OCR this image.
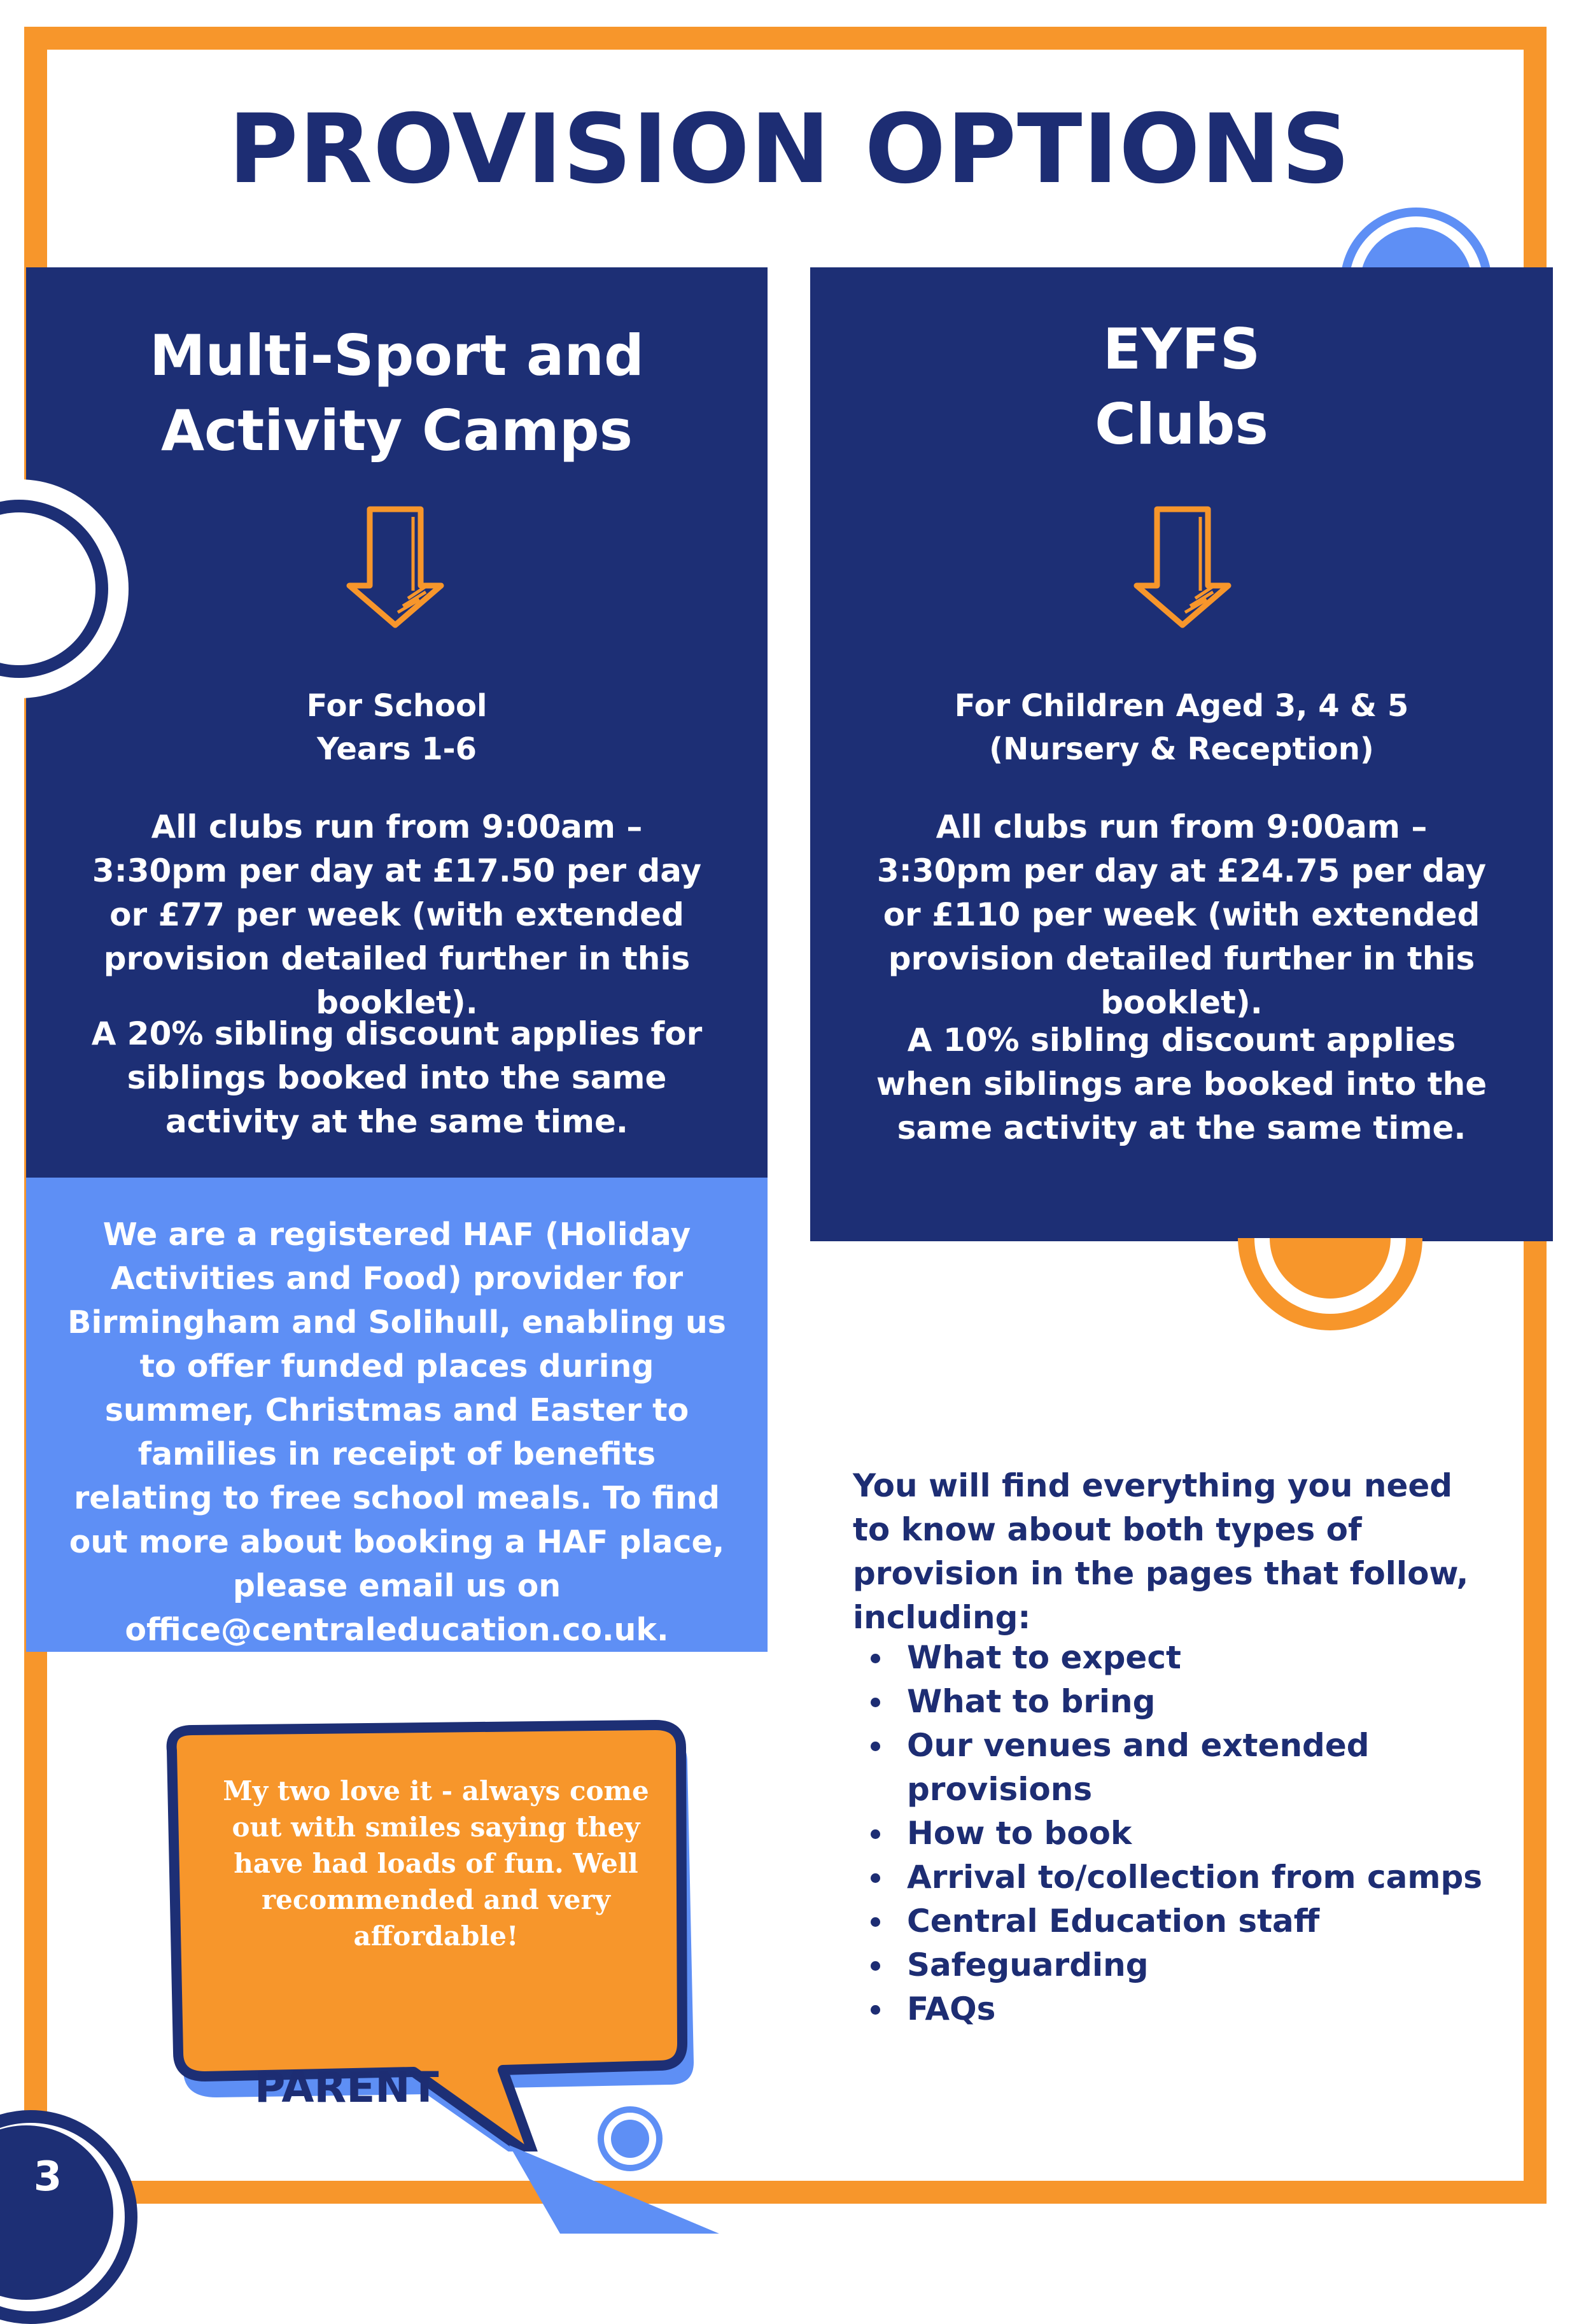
PROVISION OPTIONS
Multi-Sport and
Activity Camps
For School
Years 1-6
All clubs run from 9:00am – 3:30pm per day at £17.50 per day or £77 per week (with extended provision detailed further in this booklet).
A 20% sibling discount applies for siblings booked into the same activity at the same time.
EYFS
Clubs
For Children Aged 3, 4 & 5
(Nursery & Reception)
All clubs run from 9:00am – 3:30pm per day at £24.75 per day or £110 per week (with extended provision detailed further in this booklet).
A 10% sibling discount applies when siblings are booked into the same activity at the same time.
We are a registered HAF (Holiday Activities and Food) provider for Birmingham and Solihull, enabling us to offer funded places during summer, Christmas and Easter to families in receipt of benefits relating to free school meals. To find out more about booking a HAF place, please email us on office@centraleducation.co.uk.
You will find everything you need to know about both types of provision in the pages that follow, including:
What to expect
What to bring
Our venues and extended provisions
How to book
Arrival to/collection from camps
Central Education staff
Safeguarding
FAQs
My two love it - always come out with smiles saying they have had loads of fun. Well recommended and very affordable!
PARENT
3
